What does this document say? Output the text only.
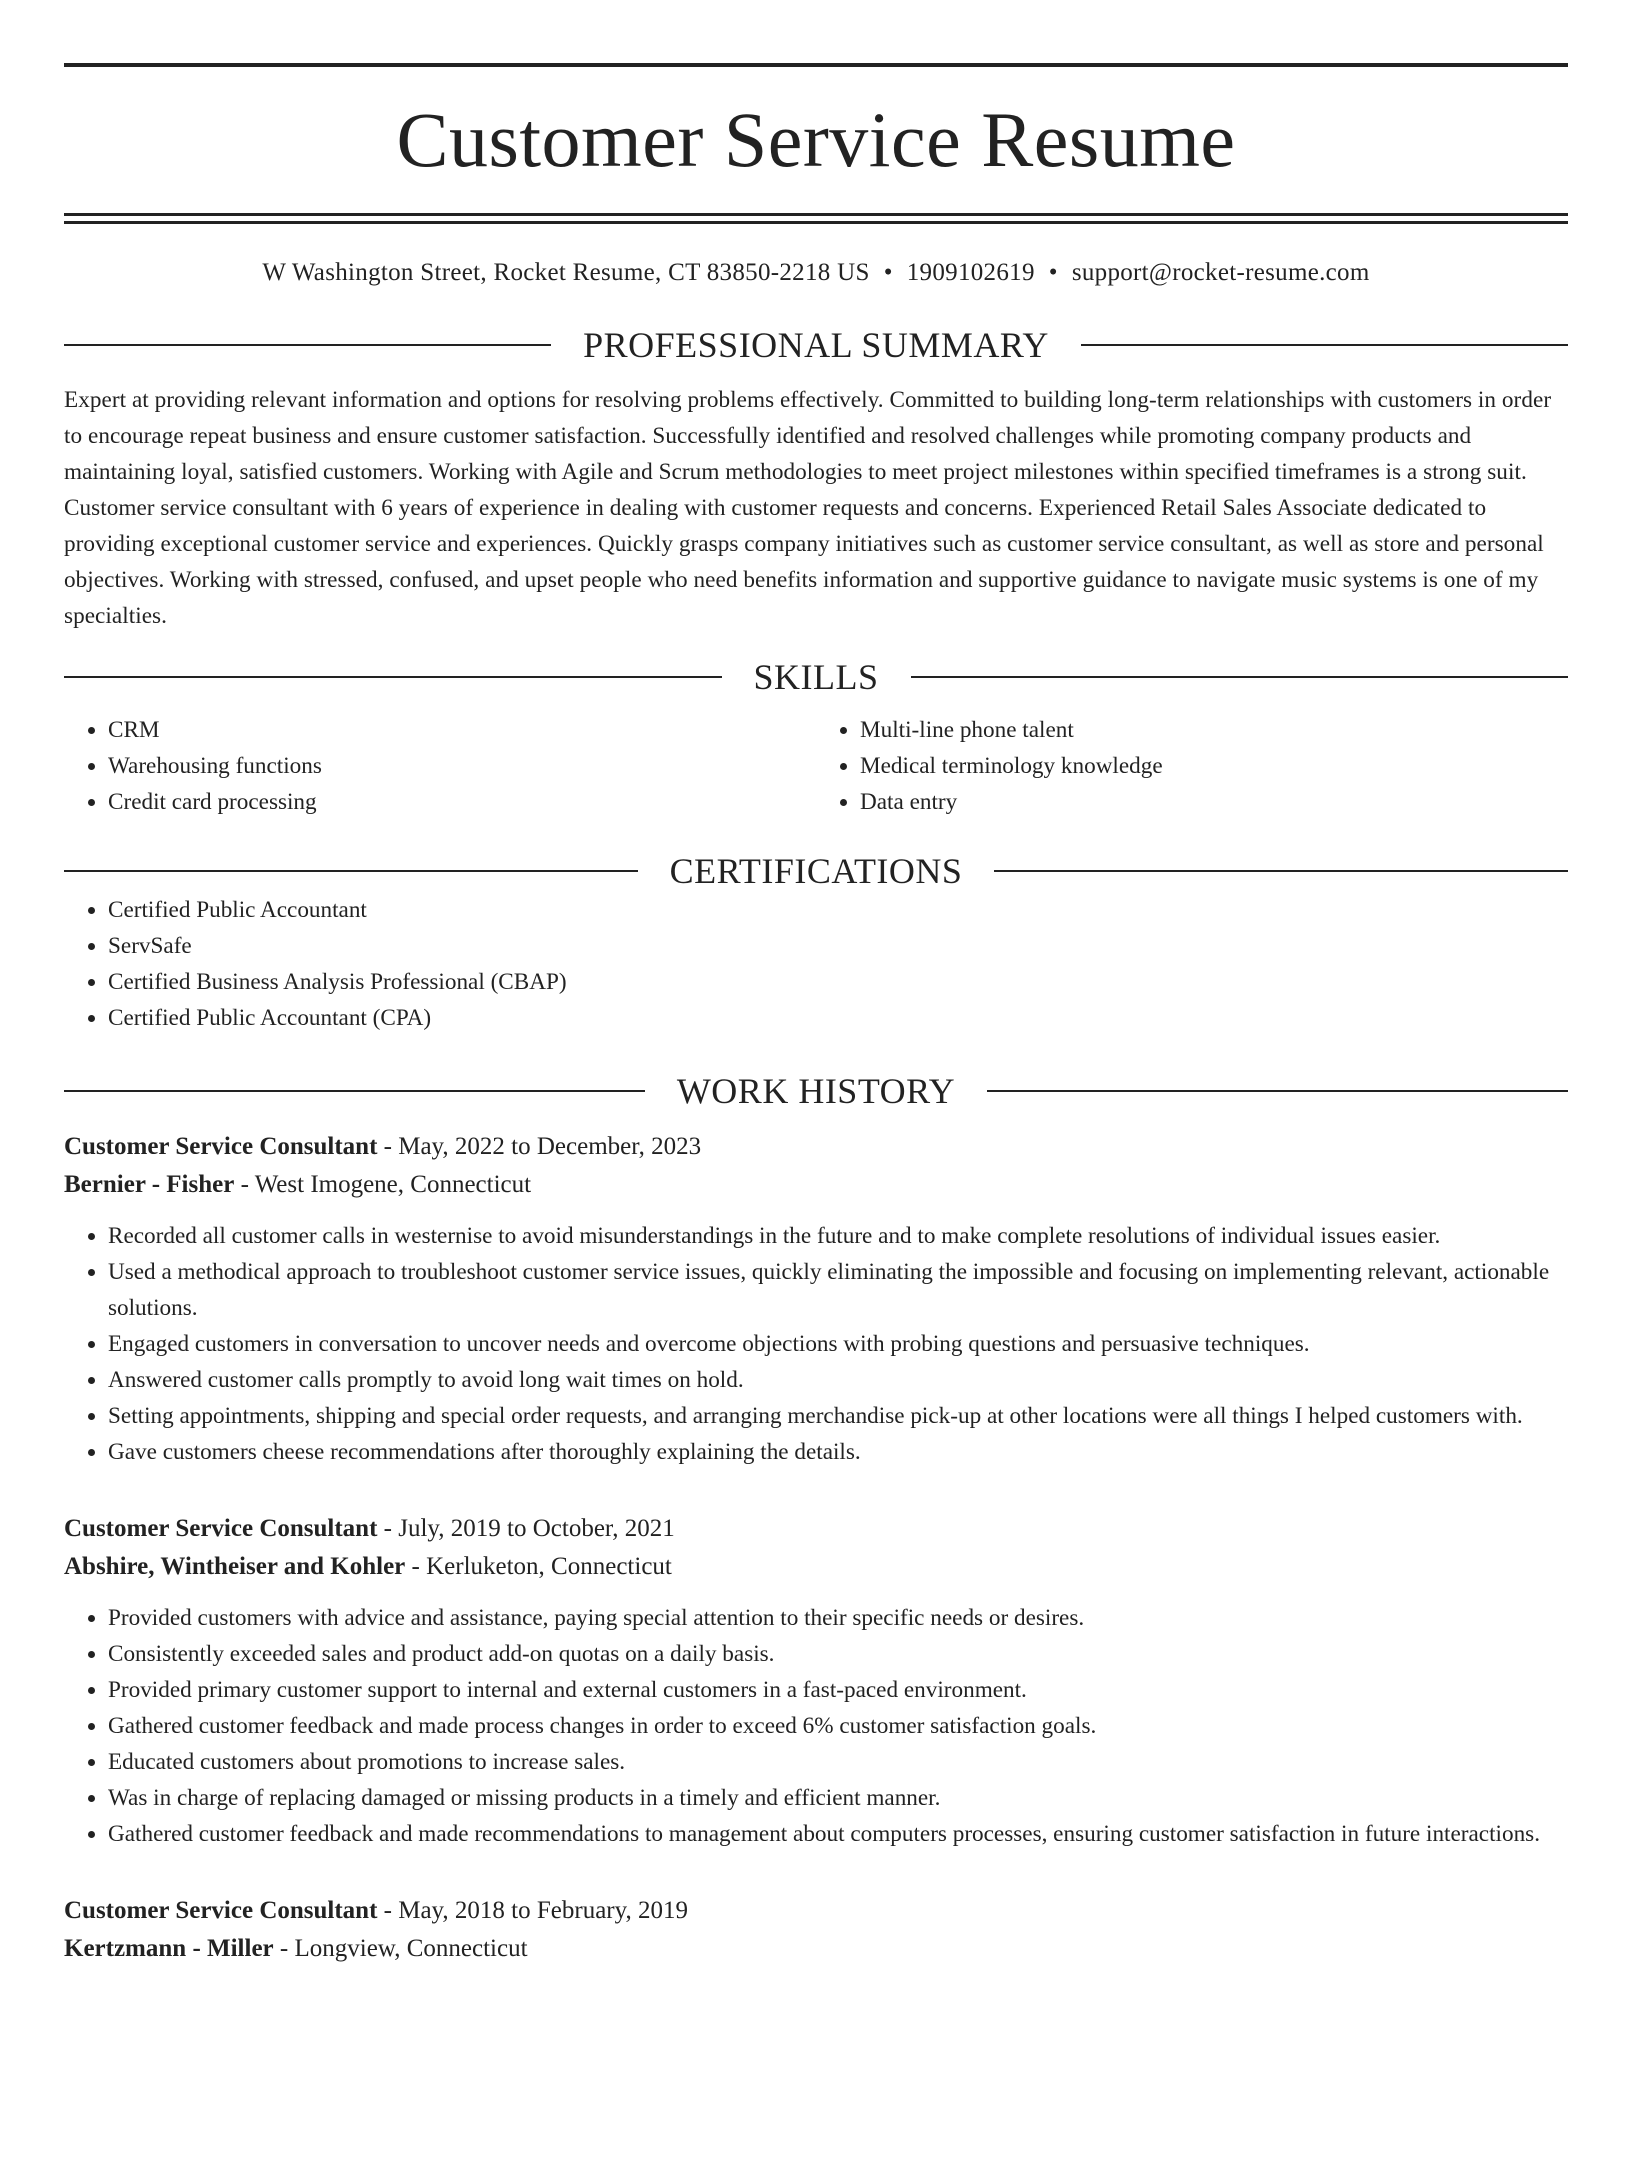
Customer Service Resume
W Washington Street, Rocket Resume, CT 83850-2218 US • 1909102619 • support@rocket-resume.com
PROFESSIONAL SUMMARY

Expert at providing relevant information and options for resolving problems effectively. Committed to building long-term relationships with customers in order to encourage repeat business and ensure customer satisfaction. Successfully identified and resolved challenges while promoting company products and maintaining loyal, satisfied customers. Working with Agile and Scrum methodologies to meet project milestones within specified timeframes is a strong suit. Customer service consultant with 6 years of experience in dealing with customer requests and concerns. Experienced Retail Sales Associate dedicated to providing exceptional customer service and experiences. Quickly grasps company initiatives such as customer service consultant, as well as store and personal objectives. Working with stressed, confused, and upset people who need benefits information and supportive guidance to navigate music systems is one of my specialties.

SKILLS
• CRM
• Warehousing functions
• Credit card processing
• Multi-line phone talent
• Medical terminology knowledge
• Data entry
CERTIFICATIONS
• Certified Public Accountant
• ServSafe
• Certified Business Analysis Professional (CBAP)
• Certified Public Accountant (CPA)
WORK HISTORY
Customer Service Consultant - May, 2022 to December, 2023
Bernier - Fisher - West Imogene, Connecticut
• Recorded all customer calls in westernise to avoid misunderstandings in the future and to make complete resolutions of individual issues easier.
• Used a methodical approach to troubleshoot customer service issues, quickly eliminating the impossible and focusing on implementing relevant, actionable solutions.
• Engaged customers in conversation to uncover needs and overcome objections with probing questions and persuasive techniques.
• Answered customer calls promptly to avoid long wait times on hold.
• Setting appointments, shipping and special order requests, and arranging merchandise pick-up at other locations were all things I helped customers with.
• Gave customers cheese recommendations after thoroughly explaining the details.
Customer Service Consultant - July, 2019 to October, 2021
Abshire, Wintheiser and Kohler - Kerluketon, Connecticut
• Provided customers with advice and assistance, paying special attention to their specific needs or desires.
• Consistently exceeded sales and product add-on quotas on a daily basis.
• Provided primary customer support to internal and external customers in a fast-paced environment.
• Gathered customer feedback and made process changes in order to exceed 6% customer satisfaction goals.
• Educated customers about promotions to increase sales.
• Was in charge of replacing damaged or missing products in a timely and efficient manner.
• Gathered customer feedback and made recommendations to management about computers processes, ensuring customer satisfaction in future interactions.
Customer Service Consultant - May, 2018 to February, 2019
Kertzmann - Miller - Longview, Connecticut
